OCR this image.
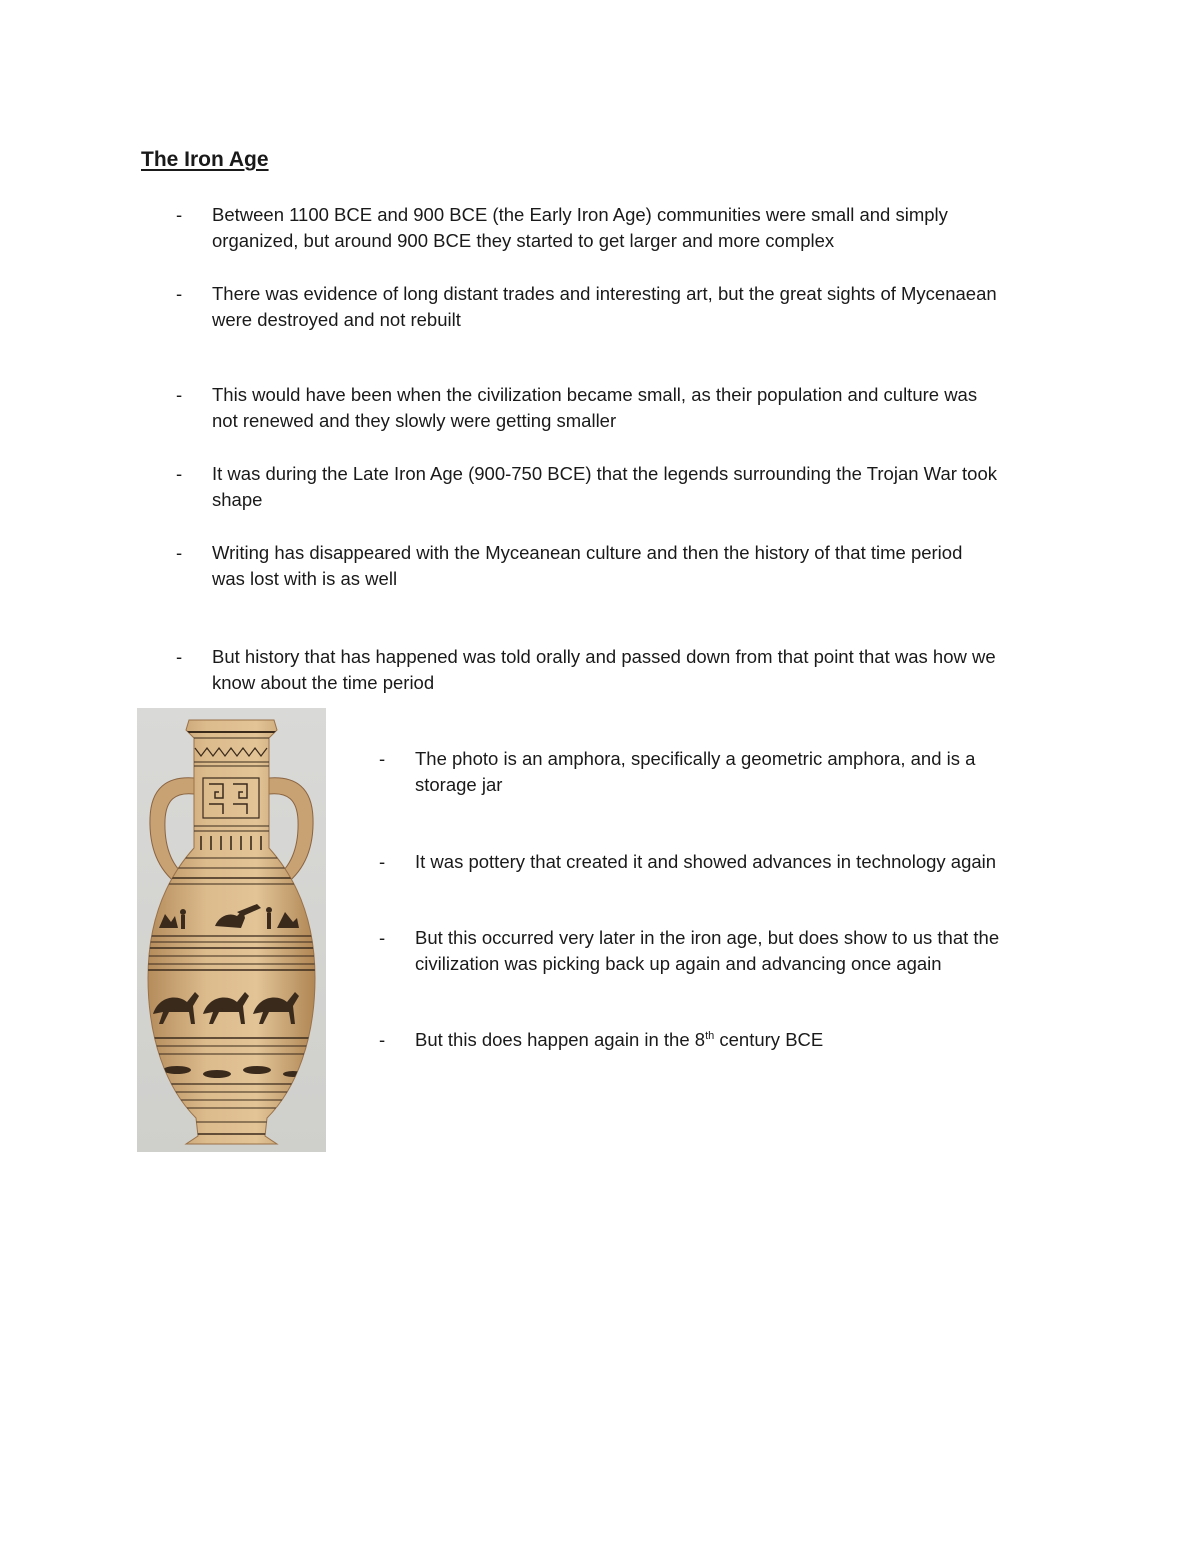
The Iron Age

- Between 1100 BCE and 900 BCE (the Early Iron Age) communities were small and simply
organized, but around 900 BCE they started to get larger and more complex

- There was evidence of long distant trades and interesting art, but the great sights of Mycenaean
were destroyed and not rebuilt

- This would have been when the civilization became small, as their population and culture was
not renewed and they slowly were getting smaller

- It was during the Late Iron Age (900-750 BCE) that the legends surrounding the Trojan War took
shape

- Writing has disappeared with the Myceanean culture and then the history of that time period
was lost with is as well

- But history that has happened was told orally and passed down from that point that was how we
know about the time period

- The photo is an amphora, specifically a geometric amphora, and is a
storage jar

- It was pottery that created it and showed advances in technology again

- But this occurred very later in the iron age, but does show to us that the
civilization was picking back up again and advancing once again

- But this does happen again in the 8th century BCE
